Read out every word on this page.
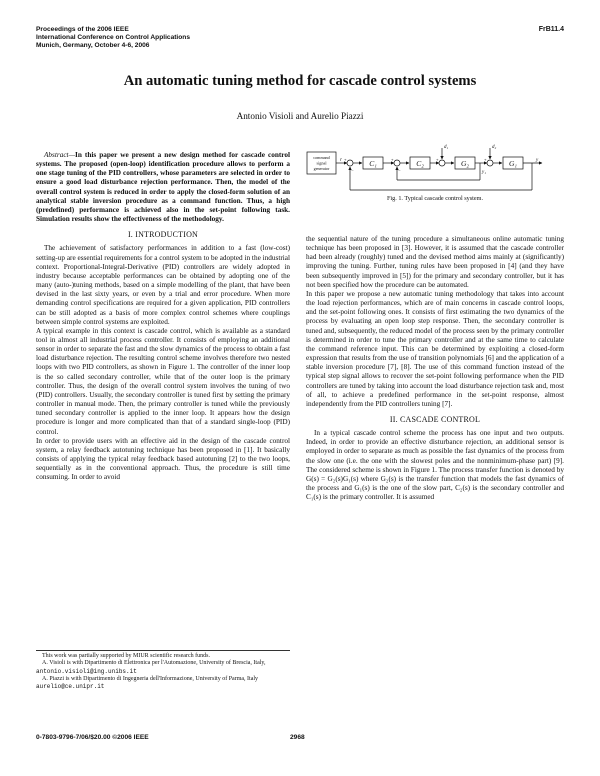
Proceedings of the 2006 IEEE
International Conference on Control Applications
Munich, Germany, October 4-6, 2006
FrB11.4
An automatic tuning method for cascade control systems
Antonio Visioli and Aurelio Piazzi

Abstract—In this paper we present a new design method for cascade control systems. The proposed (open-loop) identification procedure allows to perform a one stage tuning of the PID controllers, whose parameters are selected in order to ensure a good load disturbance rejection performance. Then, the model of the overall control system is reduced in order to apply the closed-form solution of an analytical stable inversion procedure as a command function. Thus, a high (predefined) performance is achieved also in the set-point following task. Simulation results show the effectiveness of the methodology.

I. INTRODUCTION

The achievement of satisfactory performances in addition to a fast (low-cost) setting-up are essential requirements for a control system to be adopted in the industrial context. Proportional-Integral-Derivative (PID) controllers are widely adopted in industry because acceptable performances can be obtained by adopting one of the many (auto-)tuning methods, based on a simple modelling of the plant, that have been devised in the last sixty years, or even by a trial and error procedure. When more demanding control specifications are required for a given application, PID controllers can be still adopted as a basis of more complex control schemes where couplings between simple control systems are exploited.

A typical example in this context is cascade control, which is available as a standard tool in almost all industrial process controller. It consists of employing an additional sensor in order to separate the fast and the slow dynamics of the process to obtain a fast load disturbance rejection. The resulting control scheme involves therefore two nested loops with two PID controllers, as shown in Figure 1. The controller of the inner loop is the so called secondary controller, while that of the outer loop is the primary controller. Thus, the design of the overall control system involves the tuning of two (PID) controllers. Usually, the secondary controller is tuned first by setting the primary controller in manual mode. Then, the primary controller is tuned while the previously tuned secondary controller is applied to the inner loop. It appears how the design procedure is longer and more complicated than that of a standard single-loop (PID) control.

In order to provide users with an effective aid in the design of the cascade control system, a relay feedback autotuning technique has been proposed in [1]. It basically consists of applying the typical relay feedback based autotuning [2] to the two loops, sequentially as in the conventional approach. Thus, the procedure is still time consuming. In order to avoid

This work was partially supported by MIUR scientific research funds.

A. Visioli is with Dipartimento di Elettronica per l'Automazione, University of Brescia, Italy, antonio.visioli@ing.unibs.it

A. Piazzi is with Dipartimento di Ingegneria dell'Informazione, University of Parma, Italy aurelio@ce.unipr.it

command
signal
generator
C₁	C₂	G₂	G₁
r	y
d₁	d₂
y₁
+
−
+
−
+	+
Fig. 1. Typical cascade control system.

the sequential nature of the tuning procedure a simultaneous online automatic tuning technique has been proposed in [3]. However, it is assumed that the cascade controller had been already (roughly) tuned and the devised method aims mainly at (significantly) improving the tuning. Further, tuning rules have been proposed in [4] (and they have been subsequently improved in [5]) for the primary and secondary controller, but it has not been specified how the procedure can be automated.

In this paper we propose a new automatic tuning methodology that takes into account the load rejection performances, which are of main concerns in cascade control loops, and the set-point following ones. It consists of first estimating the two dynamics of the process by evaluating an open loop step response. Then, the secondary controller is tuned and, subsequently, the reduced model of the process seen by the primary controller is determined in order to tune the primary controller and at the same time to calculate the command reference input. This can be determined by exploiting a closed-form expression that results from the use of transition polynomials [6] and the application of a stable inversion procedure [7], [8]. The use of this command function instead of the typical step signal allows to recover the set-point following performance when the PID controllers are tuned by taking into account the load disturbance rejection task and, most of all, to achieve a predefined performance in the set-point response, almost independently from the PID controllers tuning [7].

II. CASCADE CONTROL

In a typical cascade control scheme the process has one input and two outputs. Indeed, in order to provide an effective disturbance rejection, an additional sensor is employed in order to separate as much as possible the fast dynamics of the process from the slow one (i.e. the one with the slowest poles and the nonminimum-phase part) [9]. The considered scheme is shown in Figure 1. The process transfer function is denoted by G(s) = G₂(s)G₁(s) where G₂(s) is the transfer function that models the fast dynamics of the process and G₁(s) is the one of the slow part, C₂(s) is the secondary controller and C₁(s) is the primary controller. It is assumed

0-7803-9796-7/06/$20.00 ©2006 IEEE	2968
